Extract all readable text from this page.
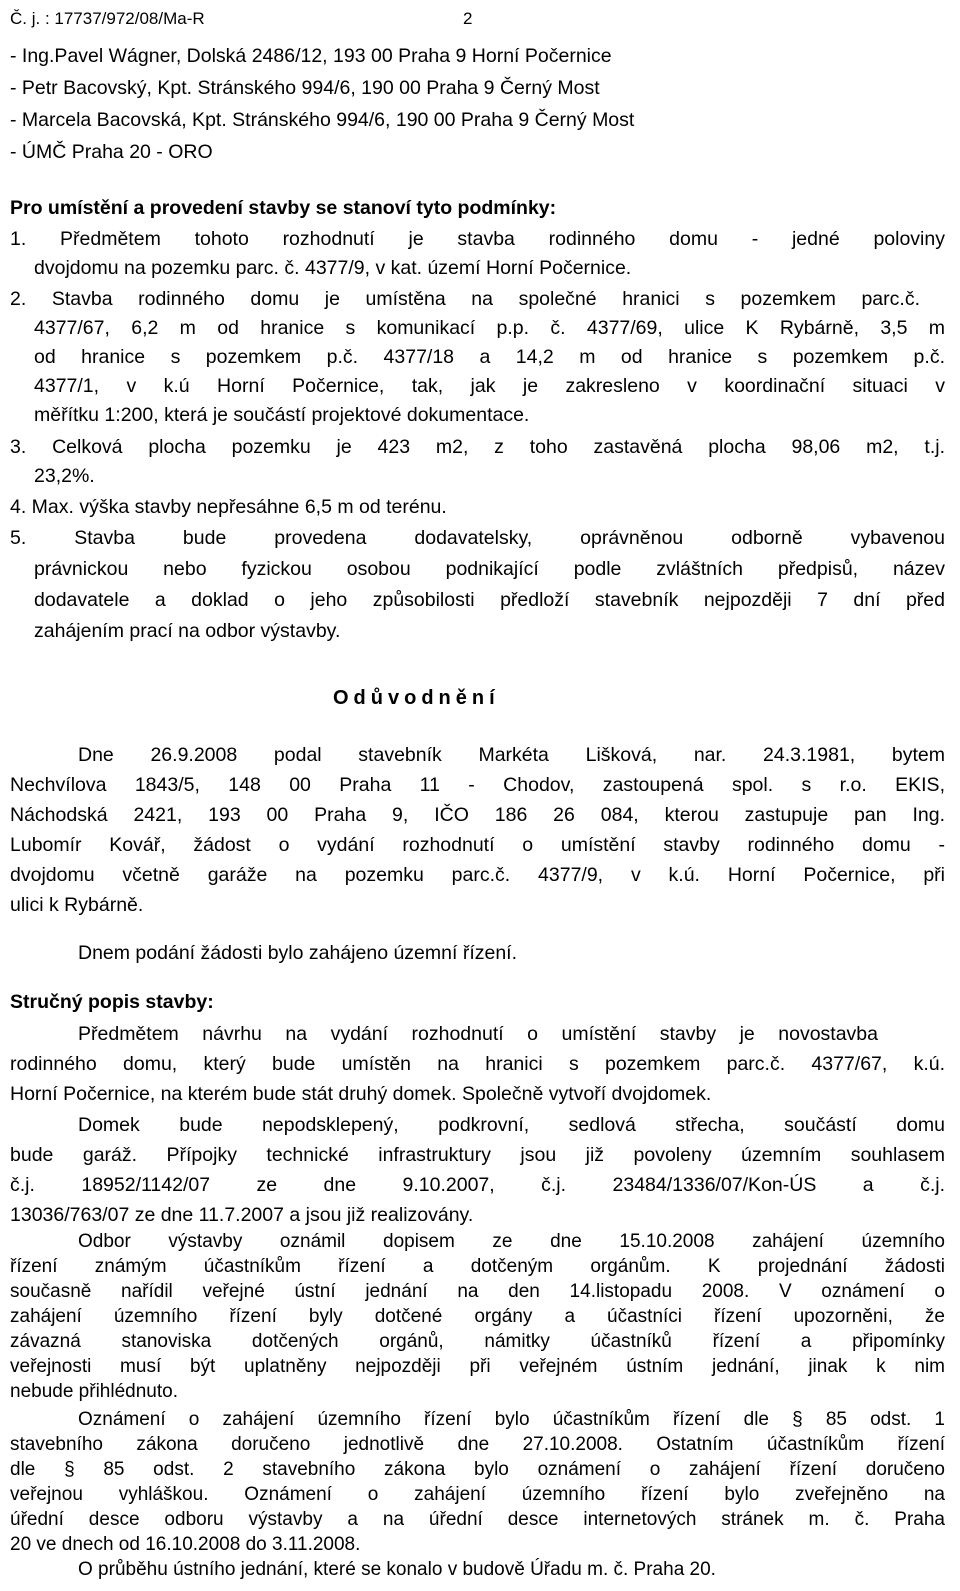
Č. j. : 17737/972/08/Ma-R	2
- Ing.Pavel Wágner, Dolská 2486/12, 193 00 Praha 9 Horní Počernice
- Petr Bacovský, Kpt. Stránského 994/6, 190 00 Praha 9 Černý Most
- Marcela Bacovská, Kpt. Stránského 994/6, 190 00 Praha 9 Černý Most
- ÚMČ Praha 20 - ORO
Pro umístění a provedení stavby se stanoví tyto podmínky:
1. Předmětem tohoto rozhodnutí je stavba rodinného domu - jedné poloviny
dvojdomu na pozemku parc. č. 4377/9, v kat. území Horní Počernice.
2. Stavba rodinného domu je umístěna na společné hranici s pozemkem parc.č.
4377/67, 6,2 m od hranice s komunikací p.p. č. 4377/69, ulice K Rybárně, 3,5 m
od hranice s pozemkem p.č. 4377/18 a 14,2 m od hranice s pozemkem p.č.
4377/1, v k.ú Horní Počernice, tak, jak je zakresleno v koordinační situaci v
měřítku 1:200, která je součástí projektové dokumentace.
3. Celková plocha pozemku je 423 m2, z toho zastavěná plocha 98,06 m2, t.j.
23,2%.
4. Max. výška stavby nepřesáhne 6,5 m od terénu.
5. Stavba bude provedena dodavatelsky, oprávněnou odborně vybavenou
právnickou nebo fyzickou osobou podnikající podle zvláštních předpisů, název
dodavatele a doklad o jeho způsobilosti předloží stavebník nejpozději 7 dní před
zahájením prací na odbor výstavby.
Odůvodnění
Dne 26.9.2008 podal stavebník Markéta Lišková, nar. 24.3.1981, bytem
Nechvílova 1843/5, 148 00 Praha 11 - Chodov, zastoupená spol. s r.o. EKIS,
Náchodská 2421, 193 00 Praha 9, IČO 186 26 084, kterou zastupuje pan Ing.
Lubomír Kovář, žádost o vydání rozhodnutí o umístění stavby rodinného domu -
dvojdomu včetně garáže na pozemku parc.č. 4377/9, v k.ú. Horní Počernice, při
ulici k Rybárně.
Dnem podání žádosti bylo zahájeno územní řízení.
Stručný popis stavby:
Předmětem návrhu na vydání rozhodnutí o umístění stavby je novostavba
rodinného domu, který bude umístěn na hranici s pozemkem parc.č. 4377/67, k.ú.
Horní Počernice, na kterém bude stát druhý domek. Společně vytvoří dvojdomek.
Domek bude nepodsklepený, podkrovní, sedlová střecha, součástí domu
bude garáž. Přípojky technické infrastruktury jsou již povoleny územním souhlasem
č.j. 18952/1142/07 ze dne 9.10.2007, č.j. 23484/1336/07/Kon-ÚS a č.j.
13036/763/07 ze dne 11.7.2007 a jsou již realizovány.
Odbor výstavby oznámil dopisem ze dne 15.10.2008 zahájení územního
řízení známým účastníkům řízení a dotčeným orgánům. K projednání žádosti
současně nařídil veřejné ústní jednání na den 14.listopadu 2008. V oznámení o
zahájení územního řízení byly dotčené orgány a účastníci řízení upozorněni, že
závazná stanoviska dotčených orgánů, námitky účastníků řízení a připomínky
veřejnosti musí být uplatněny nejpozději při veřejném ústním jednání, jinak k nim
nebude přihlédnuto.
Oznámení o zahájení územního řízení bylo účastníkům řízení dle § 85 odst. 1
stavebního zákona doručeno jednotlivě dne 27.10.2008. Ostatním účastníkům řízení
dle § 85 odst. 2 stavebního zákona bylo oznámení o zahájení řízení doručeno
veřejnou vyhláškou. Oznámení o zahájení územního řízení bylo zveřejněno na
úřední desce odboru výstavby a na úřední desce internetových stránek m. č. Praha
20 ve dnech od 16.10.2008 do 3.11.2008.
O průběhu ústního jednání, které se konalo v budově Úřadu m. č. Praha 20.
